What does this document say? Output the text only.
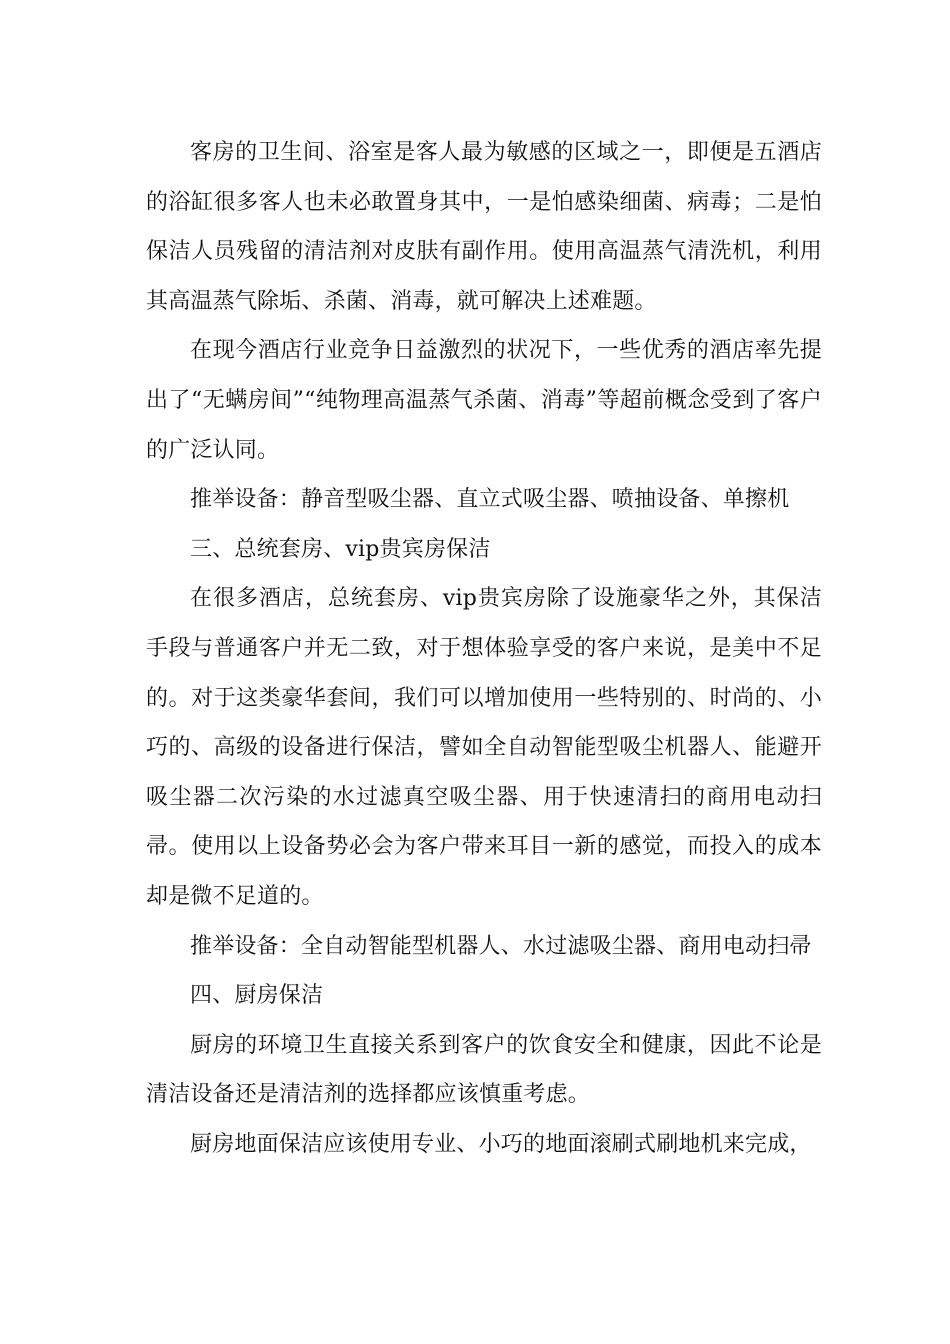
客房的卫生间、浴室是客人最为敏感的区域之一，即便是五酒店的浴缸很多客人也未必敢置身其中，一是怕感染细菌、病毒；二是怕保洁人员残留的清洁剂对皮肤有副作用。使用高温蒸气清洗机，利用其高温蒸气除垢、杀菌、消毒，就可解决上述难题。

在现今酒店行业竞争日益激烈的状况下，一些优秀的酒店率先提出了“无螨房间”“纯物理高温蒸气杀菌、消毒”等超前概念受到了客户的广泛认同。

推举设备：静音型吸尘器、直立式吸尘器、喷抽设备、单擦机

三、总统套房、vip贵宾房保洁

在很多酒店，总统套房、vip贵宾房除了设施豪华之外，其保洁手段与普通客户并无二致，对于想体验享受的客户来说，是美中不足的。对于这类豪华套间，我们可以增加使用一些特别的、时尚的、小巧的、高级的设备进行保洁，譬如全自动智能型吸尘机器人、能避开吸尘器二次污染的水过滤真空吸尘器、用于快速清扫的商用电动扫帚。使用以上设备势必会为客户带来耳目一新的感觉，而投入的成本却是微不足道的。

推举设备：全自动智能型机器人、水过滤吸尘器、商用电动扫帚

四、厨房保洁

厨房的环境卫生直接关系到客户的饮食安全和健康，因此不论是清洁设备还是清洁剂的选择都应该慎重考虑。

厨房地面保洁应该使用专业、小巧的地面滚刷式刷地机来完成，
